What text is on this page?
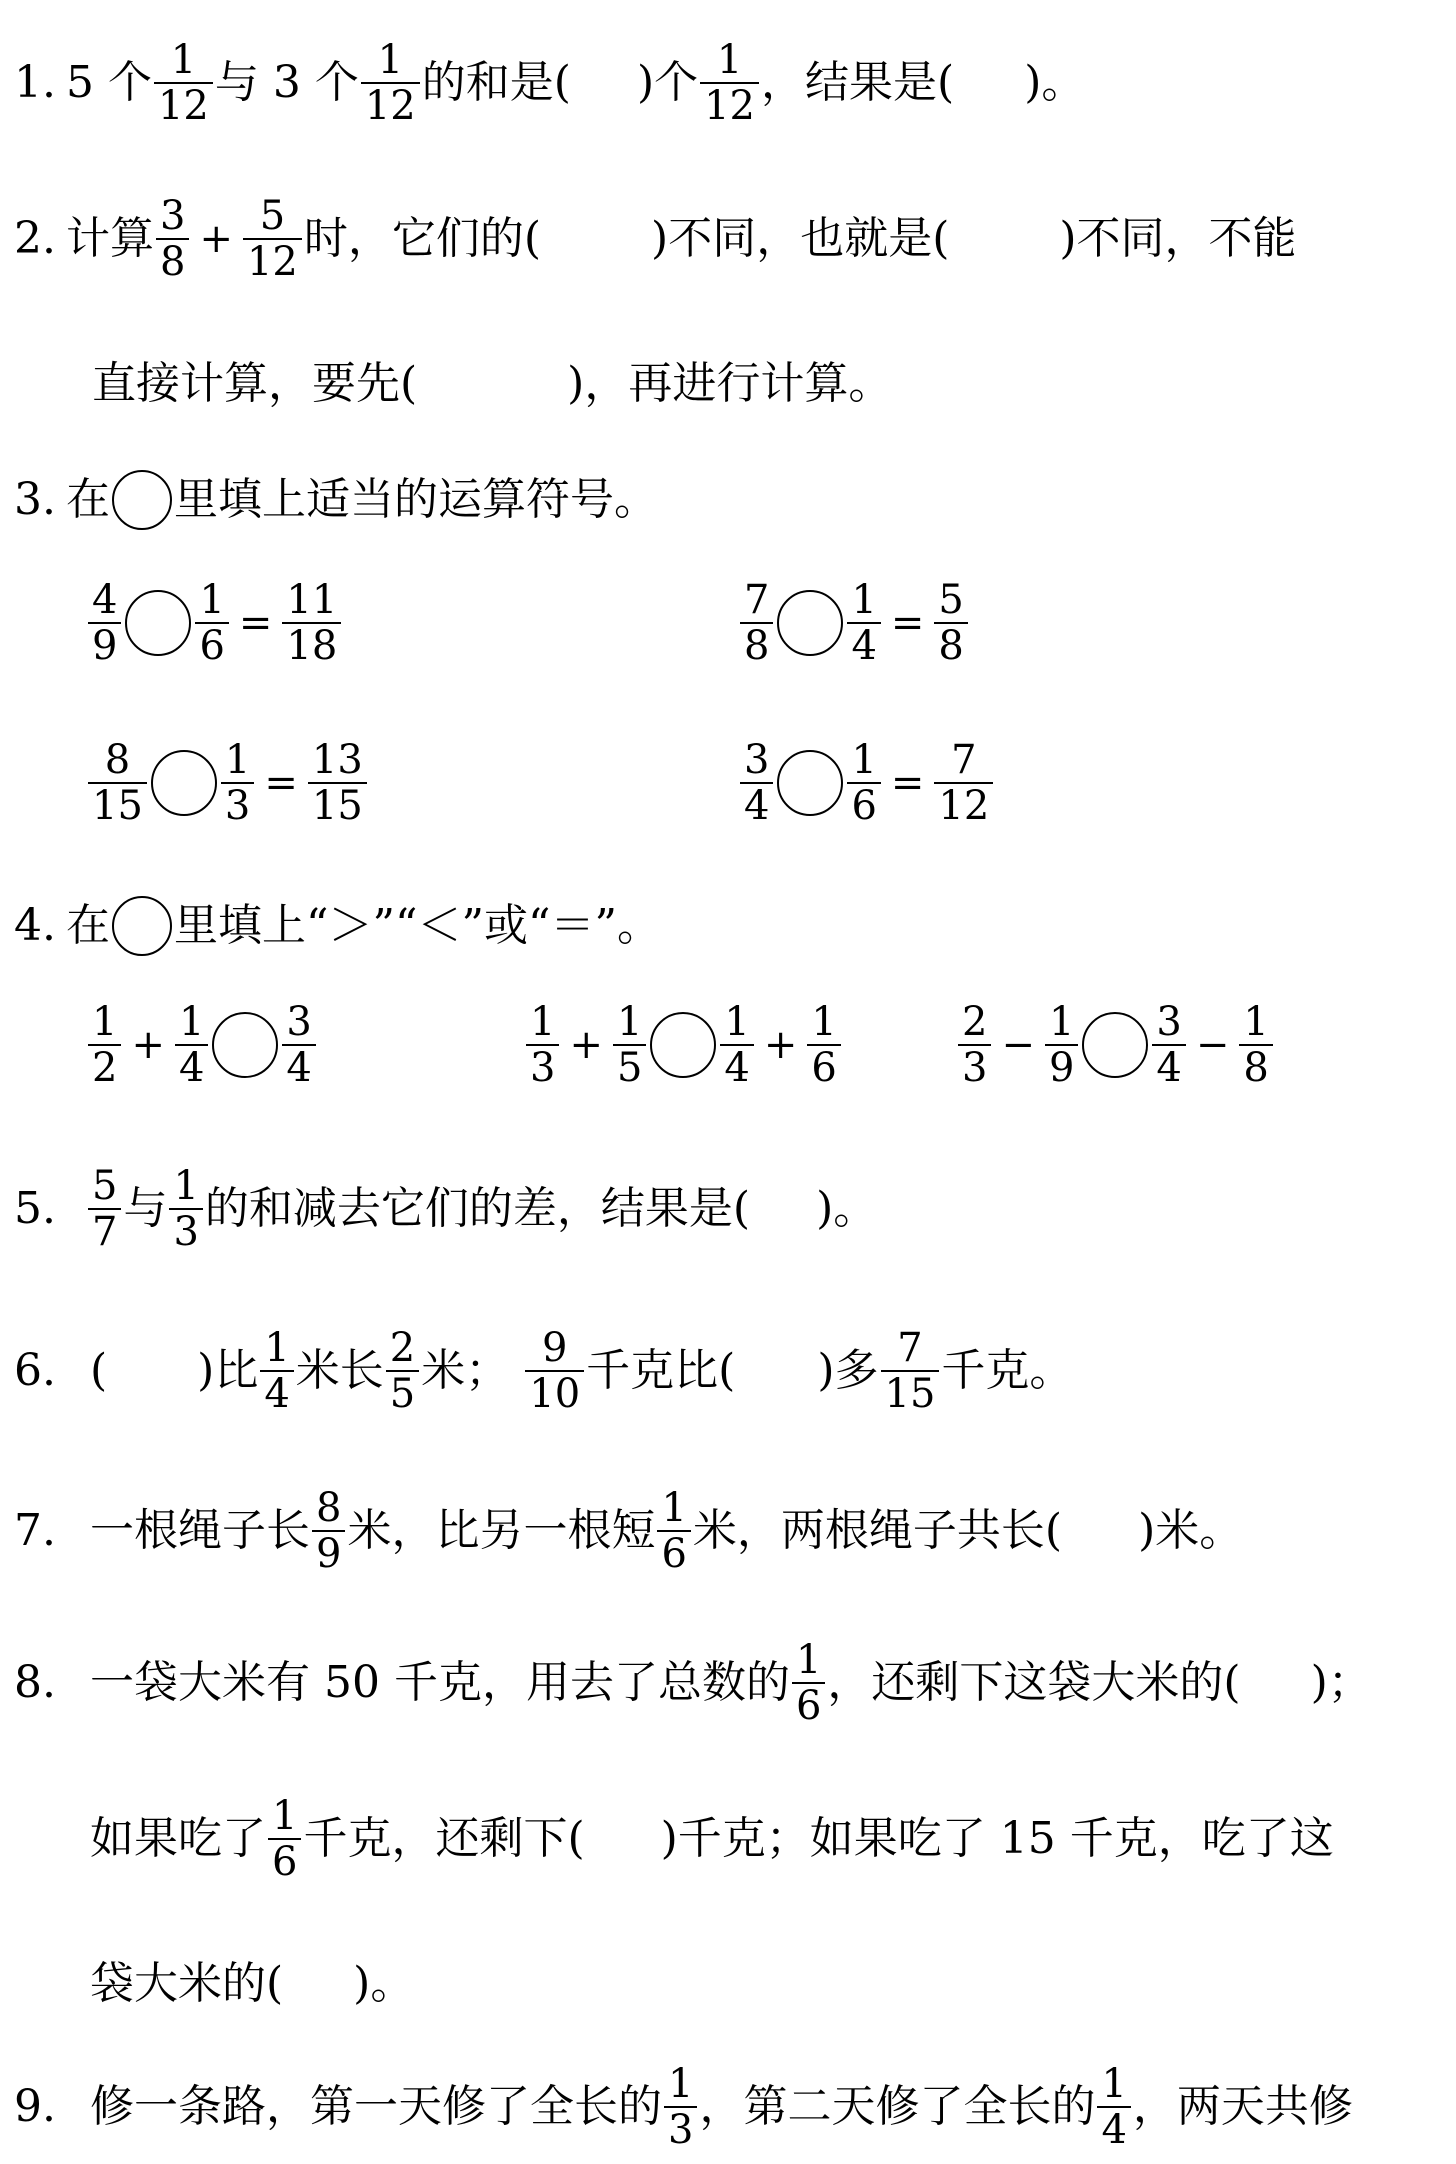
1. 5 个 $\frac{1}{12}$ 与 3 个 $\frac{1}{12}$ 的和是( )个 $\frac{1}{12}$ ，结果是( )。
2. 计算 $\frac{3}{8} + \frac{5}{12}$ 时，它们的(	)不同，也就是(	)不同，不能
直接计算，要先(	)，再进行计算。
3. 在 里填上适当的运算符号。
$\frac{4}{9} \frac{1}{6} = \frac{11}{18}$	$\frac{7}{8} \frac{1}{4} = \frac{5}{8}$
$\frac{8}{15} \frac{1}{3} = \frac{13}{15}$	$\frac{3}{4} \frac{1}{6} = \frac{7}{12}$
4. 在 里填上“＞”“＜”或“＝”。
$\frac{1}{2} + \frac{1}{4} \frac{3}{4}$	$\frac{1}{3} + \frac{1}{5} \frac{1}{4} + \frac{1}{6}$	$\frac{2}{3} - \frac{1}{9} \frac{3}{4} - \frac{1}{8}$
5. $\frac{5}{7}$ 与 $\frac{1}{3}$ 的和减去它们的差，结果是( )。
6. ( )比 $\frac{1}{4}$ 米长 $\frac{2}{5}$ 米； $\frac{9}{10}$ 千克比( )多 $\frac{7}{15}$ 千克。
7. 一根绳子长 $\frac{8}{9}$ 米，比另一根短 $\frac{1}{6}$ 米，两根绳子共长( )米。
8. 一袋大米有 50 千克，用去了总数的 $\frac{1}{6}$ ，还剩下这袋大米的( )；
如果吃了 $\frac{1}{6}$ 千克，还剩下( )千克；如果吃了 15 千克，吃了这
袋大米的( )。
9. 修一条路，第一天修了全长的 $\frac{1}{3}$ ，第二天修了全长的 $\frac{1}{4}$ ，两天共修
